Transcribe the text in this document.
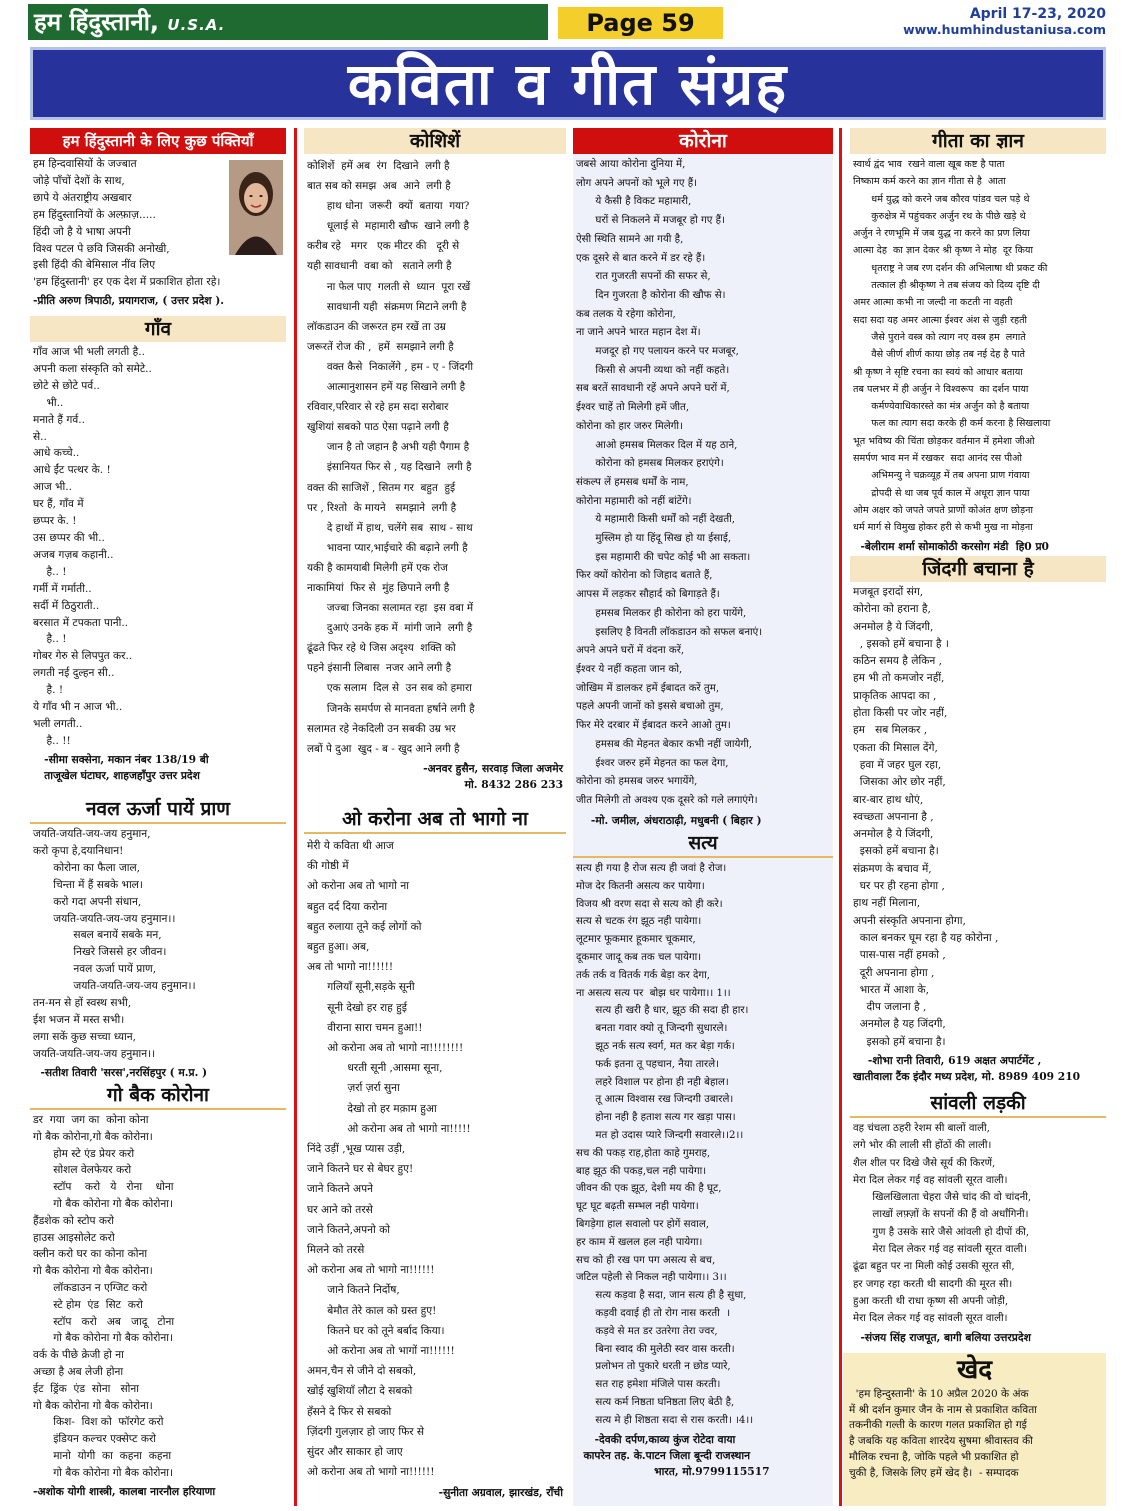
हम हिंदुस्तानी, U.S.A.	Page 59	April 17-23, 2020
www.humhindustaniusa.com
कविता व गीत संग्रह
हम हिंदुस्तानी के लिए कुछ पंक्तियाँ
हम हिन्दवासियों के जज्बात
जोड़े पाँचों देशों के साथ,
छापे ये अंतराष्ट्रीय अखबार
हम हिंदुस्तानियों के अल्फ़ाज़.....
हिंदी जो है ये भाषा अपनी
विश्व पटल पे छवि जिसकी अनोखी,
इसी हिंदी की बेमिसाल नींव लिए
'हम हिंदुस्तानी' हर एक देश में प्रकाशित होता रहे।
-प्रीति अरुण त्रिपाठी, प्रयागराज, ( उत्तर प्रदेश ).
गाँव
गाँव आज भी भली लगती है..
अपनी कला संस्कृति को समेटे..
छोटे से छोटे पर्व..
भी..
मनाते हैं गर्व..
से..
आधे कच्चे..
आधे ईंट पत्थर के. !
आज भी..
घर हैं, गाँव में
छप्पर के. !
उस छप्पर की भी..
अजब गज़ब कहानी..
है.. !
गर्मी में गर्माती..
सर्दी में ठिठुराती..
बरसात में टपकता पानी..
है.. !
गोबर गेरु से लिपपुत कर..
लगती नई दुल्हन सी..
है. !
ये गाँव भी न आज भी..
भली लगती..
है.. !!
-सीमा सक्सेना, मकान नंबर 138/19 बी
ताजूखेल घंटाघर, शाहजहाँपुर उत्तर प्रदेश
नवल ऊर्जा पायें प्राण
जयति-जयति-जय-जय हनुमान,
करो कृपा हे,दयानिधान!
कोरोना का फैला जाल,
चिन्ता में हैं सबके भाल।
करो गदा अपनी संधान,
जयति-जयति-जय-जय हनुमान।।
सबल बनायें सबके मन,
निखरे जिससे हर जीवन।
नवल ऊर्जा पायें प्राण,
जयति-जयति-जय-जय हनुमान।।
तन-मन से हों स्वस्थ सभी,
ईश भजन में मस्त सभी।
लगा सकें कुछ सच्चा ध्यान,
जयति-जयति-जय-जय हनुमान।।
-सतीश तिवारी 'सरस',नरसिंहपुर ( म.प्र. )
गो बैक कोरोना
डर  गया  जग का  कोना कोना
गो बैक कोरोना,गो बैक कोरोना।
होम स्टे एंड प्रेयर करो
सोशल वेलफेयर करो
स्टॉप    करो   ये   रोना    धोना
गो बैक कोरोना गो बैक कोरोना।
हैंडशेक को स्टोप करो
हाउस आइसोलेट करो
क्लीन करो घर का कोना कोना
गो बैक कोरोना गो बैक कोरोना।
लॉकडाउन न एग्जिट करो
स्टे होम  एंड  सिट  करो
स्टॉप   करो   अब   जादू   टोना
गो बैक कोरोना गो बैक कोरोना।
वर्क के पीछे क्रेजी हो ना
अच्छा है अब लेजी होना
ईट  ड्रिंक  एंड  सोना   सोना
गो बैक कोरोना गो बैक कोरोना।
किश-  विश को  फॉरगेट करो
इंडियन कल्चर एक्सेप्ट करो
मानो  योगी  का  कहना  कहना
गो बैक कोरोना गो बैक कोरोना।
-अशोक योगी शास्त्री, कालबा नारनौल हरियाणा
कोशिशें
कोशिशें  हमें अब  रंग  दिखाने  लगी है
बात सब को समझ  अब  आने  लगी है
हाथ धोना  जरूरी  क्यों  बताया  गया?
धूलाई से  महामारी खौफ  खाने लगी है
करीब रहे   मगर   एक मीटर की   दूरी से
यही सावधानी  वबा को   सताने लगी है
ना फेल पाए  गलती से  ध्यान  पूरा रखें
सावधानी यही  संक्रमण मिटाने लगी है
लॉकडाउन की जरूरत हम रखें ता उम्र
जरूरतें रोज की ,  हमें  समझाने लगी है
वक्त कैसे  निकालेंगे , हम - ए - जिंदगी
आत्मानुशासन हमें यह सिखाने लगी है
रविवार,परिवार से रहे हम सदा सरोबार
खुशियां सबको पाठ ऐसा पढ़ाने लगी है
जान है तो जहान है अभी यही पैगाम है
इंसानियत फिर से , यह दिखाने  लगी है
वक्त की साजिशें , सितम गर  बहुत  हुई
पर , रिश्तो  के मायने   समझाने  लगी है
दे हाथों में हाथ, चलेंगे सब  साथ - साथ
भावना प्यार,भाईचारे की बढ़ाने लगी है
यकी है कामयाबी मिलेगी हमें एक रोज
नाकामियां  फिर से  मुंह छिपाने लगी है
जज्बा जिनका सलामत रहा  इस वबा में
दुआएं उनके हक में  मांगी जाने  लगी है
ढूंढते फिर रहे थे जिस अदृश्य  शक्ति को
पहने इंसानी लिबास  नजर आने लगी है
एक सलाम  दिल से  उन सब को हमारा
जिनके समर्पण से मानवता हर्षाने लगी है
सलामत रहे नेकदिली उन सबकी उम्र भर
लबों पे दुआ  खुद - ब - खुद आने लगी है
-अनवर हुसैन, सरवाड़ जिला अजमेर
मो. 8432 286 233
ओ करोना अब तो भागो ना
मेरी ये कविता थी आज
की गोष्ठी में
ओ करोना अब तो भागो ना
बहुत दर्द दिया करोना
बहुत रुलाया तूने कई लोगों को
बहुत हुआ। अब,
अब तो भागो ना!!!!!!
गलियाँ सूनी,सड़के सूनी
सूनी देखो हर राह हुई
वीराना सारा चमन हुआ!!
ओ करोना अब तो भागो ना!!!!!!!!
धरती सूनी ,आसमा सूना,
ज़र्रा ज़र्रा सुना
देखो तो हर मक़ाम हुआ
ओ करोना अब तो भागो ना!!!!!
निंदे उड़ीं ,भूख प्यास उड़ी,
जाने कितने घर से बेघर हुए!
जाने कितने अपने
घर आने को तरसे
जाने कितने,अपनो को
मिलने को तरसे
ओ करोना अब तो भागो ना!!!!!!
जाने कितने निर्दोष,
बेमौत तेरे काल को ग्रस्त हुए!
कितने घर को तूने बर्बाद किया।
ओ करोना अब तो भागों ना!!!!!!
अमन,चैन से जीने दो सबको,
खोई खुशियाँ लौटा दे सबको
हँसने दे फिर से सबको
ज़िंदगी गुलज़ार हो जाए फिर से
सुंदर और साकार हो जाए
ओ करोना अब तो भागो ना!!!!!!
-सुनीता अग्रवाल, झारखंड, राँची
कोरोना
जबसे आया कोरोना दुनिया में,
लोग अपने अपनों को भूले गए हैं।
ये कैसी है विकट महामारी,
घरों से निकलने में मजबूर हो गए हैं।
ऐसी स्थिति सामने आ गयी है,
एक दूसरे से बात करने में डर रहे हैं।
रात गुजरती सपनों की सफर से,
दिन गुजरता है कोरोना की खौफ से।
कब तलक ये रहेगा कोरोना,
ना जाने अपने भारत महान देश में।
मजदूर हो गए पलायन करने पर मजबूर,
किसी से अपनी व्यथा को नहीं कहते।
सब बरतें सावधानी रहें अपने अपने घरों में,
ईश्वर चाहें तो मिलेगी हमें जीत,
कोरोना को हार जरुर मिलेगी।
आओ हमसब मिलकर दिल में यह ठाने,
कोरोना को हमसब मिलकर हराएंगे।
संकल्प लें हमसब धर्मों के नाम,
कोरोना महामारी को नहीं बांटेंगे।
ये महामारी किसी धर्मों को नहीं देखती,
मुस्लिम हो या हिंदू सिख हो या ईसाई,
इस महामारी की चपेट कोई भी आ सकता।
फिर क्यों कोरोना को जिहाद बताते हैं,
आपस में लड़कर सौहार्द को बिगाड़ते हैं।
हमसब मिलकर ही कोरोना को हरा पायेंगे,
इसलिए है विनती लॉकडाउन को सफल बनाएं।
अपने अपने घरों में वंदना करें,
ईश्वर ये नहीं कहता जान को,
जोखिम में डालकर हमें ईबादत करें तुम,
पहले अपनी जानों को इससे बचाओ तुम,
फिर मेरे दरबार में ईबादत करने आओ तुम।
हमसब की मेहनत बेकार कभी नहीं जायेगी,
ईश्वर जरुर हमें मेहनत का फल देगा,
कोरोना को हमसब जरुर भगायेंगे,
जीत मिलेगी तो अवश्य एक दूसरे को गले लगाएंगे।
-मो. जमील, अंधराठाढ़ी, मधुबनी ( बिहार )
सत्य
सत्य ही गया है रोज सत्य ही जवां है रोज।
मोज देर कितनी असत्य कर पायेगा।
विजय श्री वरण सदा से सत्य को ही करे।
सत्य से चटक रंग झूठ नही पायेगा।
लूटमार फूकमार हूकमार चूकमार,
दूकमार जादू कब तक चल पायेगा।
तर्क तर्क व वितर्क गर्क बेड़ा कर देगा,
ना असत्य सत्य पर  बोझ धर पायेगा।। 1।।
सत्य ही खरी है धार, झूठ की सदा ही हार।
बनता गवार क्यो तू जिन्दगी सुधारले।
झूठ नर्क सत्य स्वर्ग, मत कर बेड़ा गर्क।
फर्क इतना तू पहचान, नैया तारले।
लहरे विशाल पर होना ही नही बेहाल।
तू आत्म विश्वास रख जिन्दगी उबारले।
होना नही है हताश सत्य गर खड़ा पास।
मत हो उदास प्यारे जिन्दगी सवारले।।2।।
सच की पकड़ राह,होता काहे गुमराह,
बाह झूठ की पकड़,चल नही पायेगा।
जीवन की एक झूठ, देशी मय की है घूट,
घूट घूट बढ़ती सम्भल नही पायेगा।
बिगड़ेगा हाल सवालो पर होगें सवाल,
हर काम में खलल हल नही पायेगा।
सच को ही रख पग पग असत्य से बच,
जटिल पहेली से निकल नही पायेगा।। 3।।
सत्य कड़वा है सदा, जान सत्य ही है सुधा,
कड़वी दवाई ही तो रोग नास करती  ।
कड़वे से मत डर उतरेगा तेरा ज्वर,
बिना स्वाद की मुलेठी स्वर वास करती।
प्रलोभन तो पुकारे धरती न छोड प्यारे,
सत राह हमेशा मंजिले पास करती।
सत्य कर्म निष्ठता घनिष्ठता लिए बेठी है,
सत्य मे ही शिष्ठता सदा से रास करती। ।4।।
-देवकी दर्पण,काव्य कुंज रोटेदा वाया
कापरेन तह. के.पाटन जिला बून्दी राजस्थान
भारत, मो.9799115517
गीता का ज्ञान
स्वार्थ द्वंद भाव  रखने वाला खूब कष्ट है पाता
निष्काम कर्म करने का ज्ञान गीता से है  आता
धर्म युद्ध को करने जब कौरव पांडव चल पड़े थे
कुरुक्षेत्र में पहुंचकर अर्जुन रथ के पीछे खड़े थे
अर्जुन ने रणभूमि में जब युद्ध ना करने का प्रण लिया
आत्मा देह  का ज्ञान देकर श्री कृष्ण ने मोह  दूर किया
धृतराष्ट्र ने जब रण दर्शन की अभिलाषा थी प्रकट की
तत्काल ही श्रीकृष्ण ने तब संजय को दिव्य दृष्टि दी
अमर आत्मा कभी ना जल्दी ना कटती ना वहती
सदा सदा यह अमर आत्मा ईश्वर अंश से जुड़ी रहती
जैसे पुराने वस्त्र को त्याग नए वस्त्र हम  लगाते
वैसे जीर्ण शीर्ण काया छोड़ तब नई देह है पाते
श्री कृष्ण ने सृष्टि रचना का स्वयं को आधार बताया
तब पलभर में ही अर्जुन ने विश्वरूप  का दर्शन पाया
कर्मण्येवाधिकारस्ते का मंत्र अर्जुन को है बताया
फल का त्याग सदा करके ही कर्म करना है सिखलाया
भूत भविष्य की चिंता छोड़कर वर्तमान में हमेशा जीओ
समर्पण भाव मन में रखकर  सदा आनंद रस पीओ
अभिमन्यु ने चक्रव्यूह में तब अपना प्राण गंवाया
द्रोपदी से था जब पूर्व काल में अधूरा ज्ञान पाया
ओम अक्षर को जपते जपते प्राणों कोअंत क्षण छोड़ना
धर्म मार्ग से विमुख होकर हरी से कभी मुख ना मोड़ना
-बेलीराम शर्मा सोमाकोठी करसोग मंडी  हि0 प्र0
जिंदगी बचाना है
मजबूत इरादों संग,
कोरोना को हराना है,
अनमोल है ये जिंदगी,
, इसको हमें बचाना है ।
कठिन समय है लेकिन ,
हम भी तो कमजोर नहीं,
प्राकृतिक आपदा का ,
होता किसी पर जोर नहीं,
हम   सब मिलकर ,
एकता की मिसाल देंगे,
हवा में जहर घुल रहा,
जिसका ओर छोर नहीं,
बार-बार हाथ धोएं,
स्वच्छता अपनाना है ,
अनमोल है ये जिंदगी,
इसको हमें बचाना है।
संक्रमण के बचाव में,
घर पर ही रहना होगा ,
हाथ नहीं मिलाना,
अपनी संस्कृति अपनाना होगा,
काल बनकर घूम रहा है यह कोरोना ,
पास-पास नहीं हमको ,
दूरी अपनाना होगा ,
भारत में आशा के,
दीप जलाना है ,
अनमोल है यह जिंदगी,
इसको हमें बचाना है।
-शोभा रानी तिवारी, 619 अक्षत अपार्टमेंट ,
खातीवाला टैंक इंदौर मध्य प्रदेश, मो. 8989 409 210
सांवली लड़की
वह चंचला ठहरी रेशम सी बालों वाली,
लगे भोर की लाली सी होंठों की लाली।
शैल शील पर दिखे जैसे सूर्य की किरणें,
मेरा दिल लेकर गई वह सांवली सूरत वाली।
खिलखिलाता चेहरा जैसे चांद की वो चांदनी,
लाखों लफ़्ज़ों के सपनों की हैं वो अर्धांगिनी।
गुण है उसके सारे जैसे आंवली हो दीपों की,
मेरा दिल लेकर गई वह सांवली सूरत वाली।
ढूंढा बहुत पर ना मिली कोई उसकी सूरत सी,
हर जगह रहा करती थी सादगी की मूरत सी।
हुआ करती थी राधा कृष्ण सी अपनी जोड़ी,
मेरा दिल लेकर गई वह सांवली सूरत वाली।
-संजय सिंह राजपूत, बागी बलिया उत्तरप्रदेश
खेद

'हम हिन्दुस्तानी' के 10 अप्रैल 2020 के अंक
में श्री दर्शन कुमार जैन के नाम से प्रकाशित कविता
तकनीकी गल्ती के कारण गलत प्रकाशित हो गई
है जबकि यह कविता शारदेय सुषमा श्रीवास्तव की
मौलिक रचना है, जोकि पहले भी प्रकाशित हो
चुकी है, जिसके लिए हमें खेद है।  - सम्पादक
